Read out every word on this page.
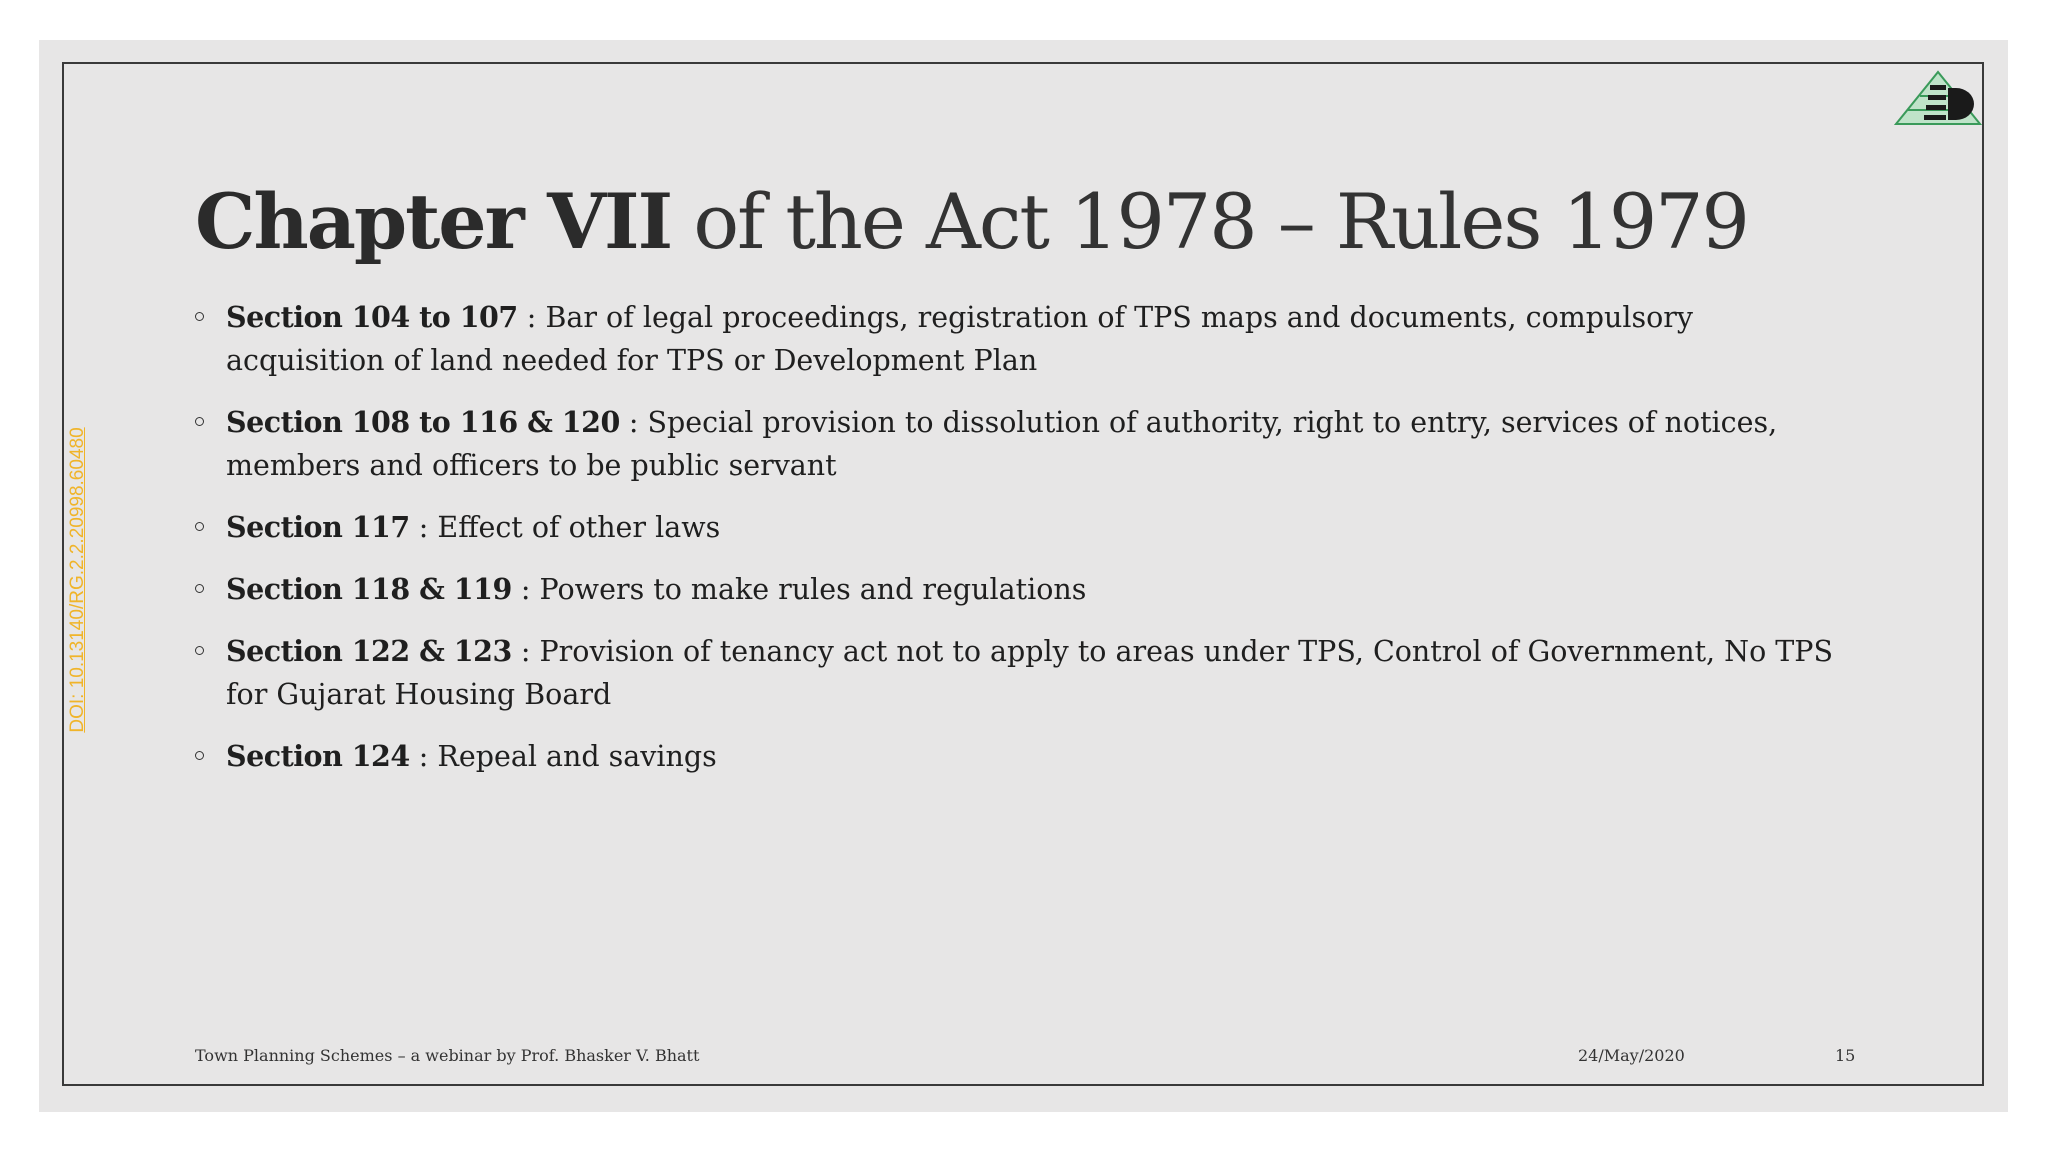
Chapter VII of the Act 1978 – Rules 1979
Section 104 to 107 : Bar of legal proceedings, registration of TPS maps and documents, compulsory acquisition of land needed for TPS or Development Plan
Section 108 to 116 & 120 : Special provision to dissolution of authority, right to entry, services of notices, members and officers to be public servant
Section 117 : Effect of other laws
Section 118 & 119 : Powers to make rules and regulations
Section 122 & 123 : Provision of tenancy act not to apply to areas under TPS, Control of Government, No TPS for Gujarat Housing Board
Section 124 : Repeal and savings
DOI: 10.13140/RG.2.2.20998.60480
Town Planning Schemes – a webinar by Prof. Bhasker V. Bhatt	24/May/2020	15
